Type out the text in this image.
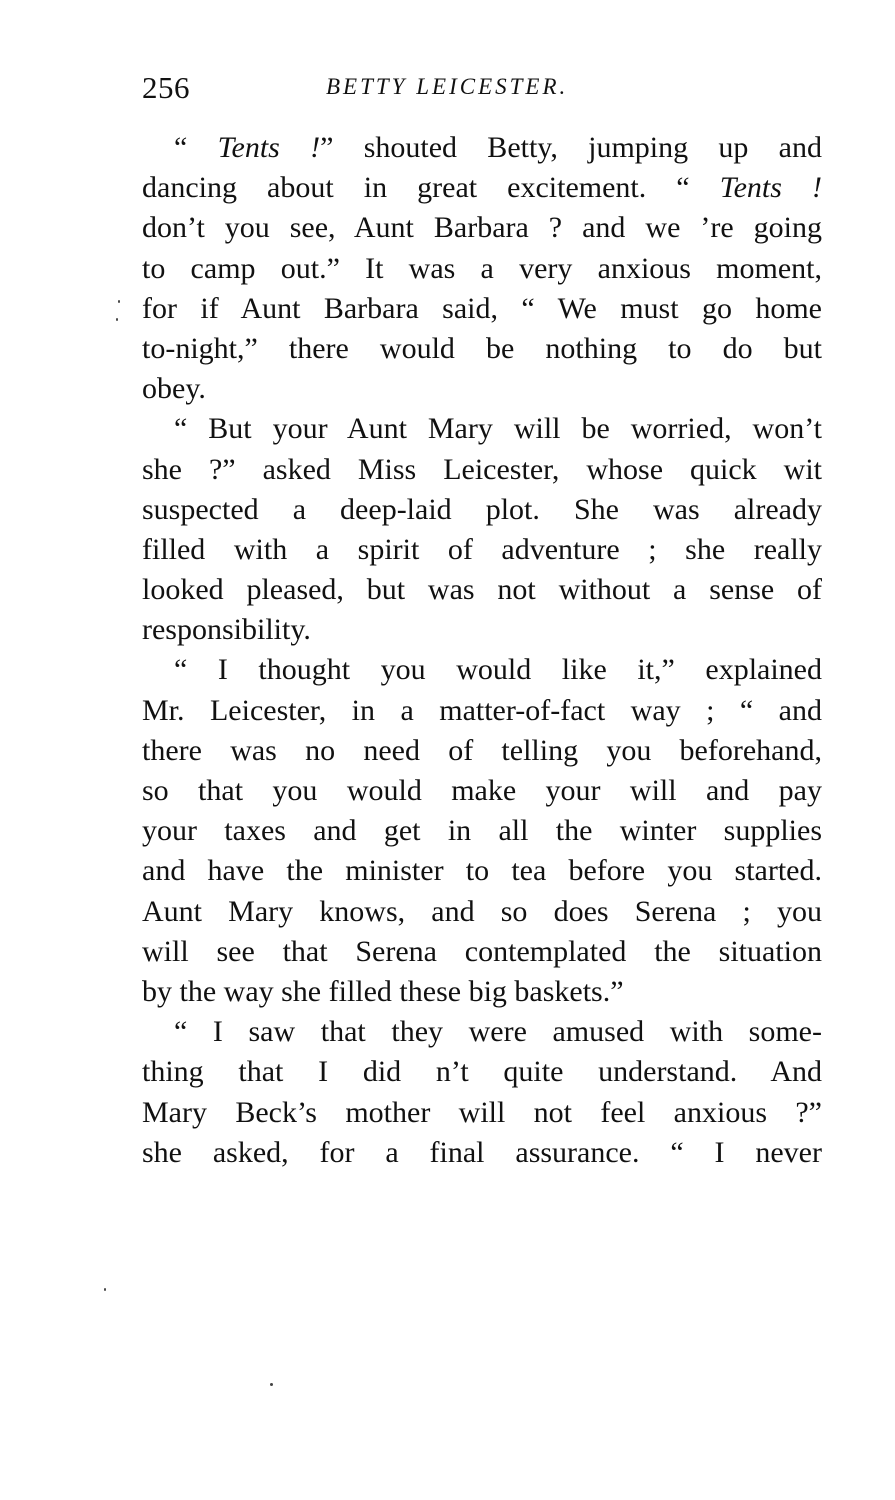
256	BETTY LEICESTER.
“ Tents !” shouted Betty, jumping up and
dancing about in great excitement. “ Tents !
don’t you see, Aunt Barbara ? and we ’re going
to camp out.” It was a very anxious moment,
for if Aunt Barbara said, “ We must go home
to-night,” there would be nothing to do but
obey.
“ But your Aunt Mary will be worried, won’t
she ?” asked Miss Leicester, whose quick wit
suspected a deep-laid plot. She was already
filled with a spirit of adventure ; she really
looked pleased, but was not without a sense of
responsibility.
“ I thought you would like it,” explained
Mr. Leicester, in a matter-of-fact way ; “ and
there was no need of telling you beforehand,
so that you would make your will and pay
your taxes and get in all the winter supplies
and have the minister to tea before you started.
Aunt Mary knows, and so does Serena ; you
will see that Serena contemplated the situation
by the way she filled these big baskets.”
“ I saw that they were amused with some-
thing that I did n’t quite understand. And
Mary Beck’s mother will not feel anxious ?”
she asked, for a final assurance. “ I never
